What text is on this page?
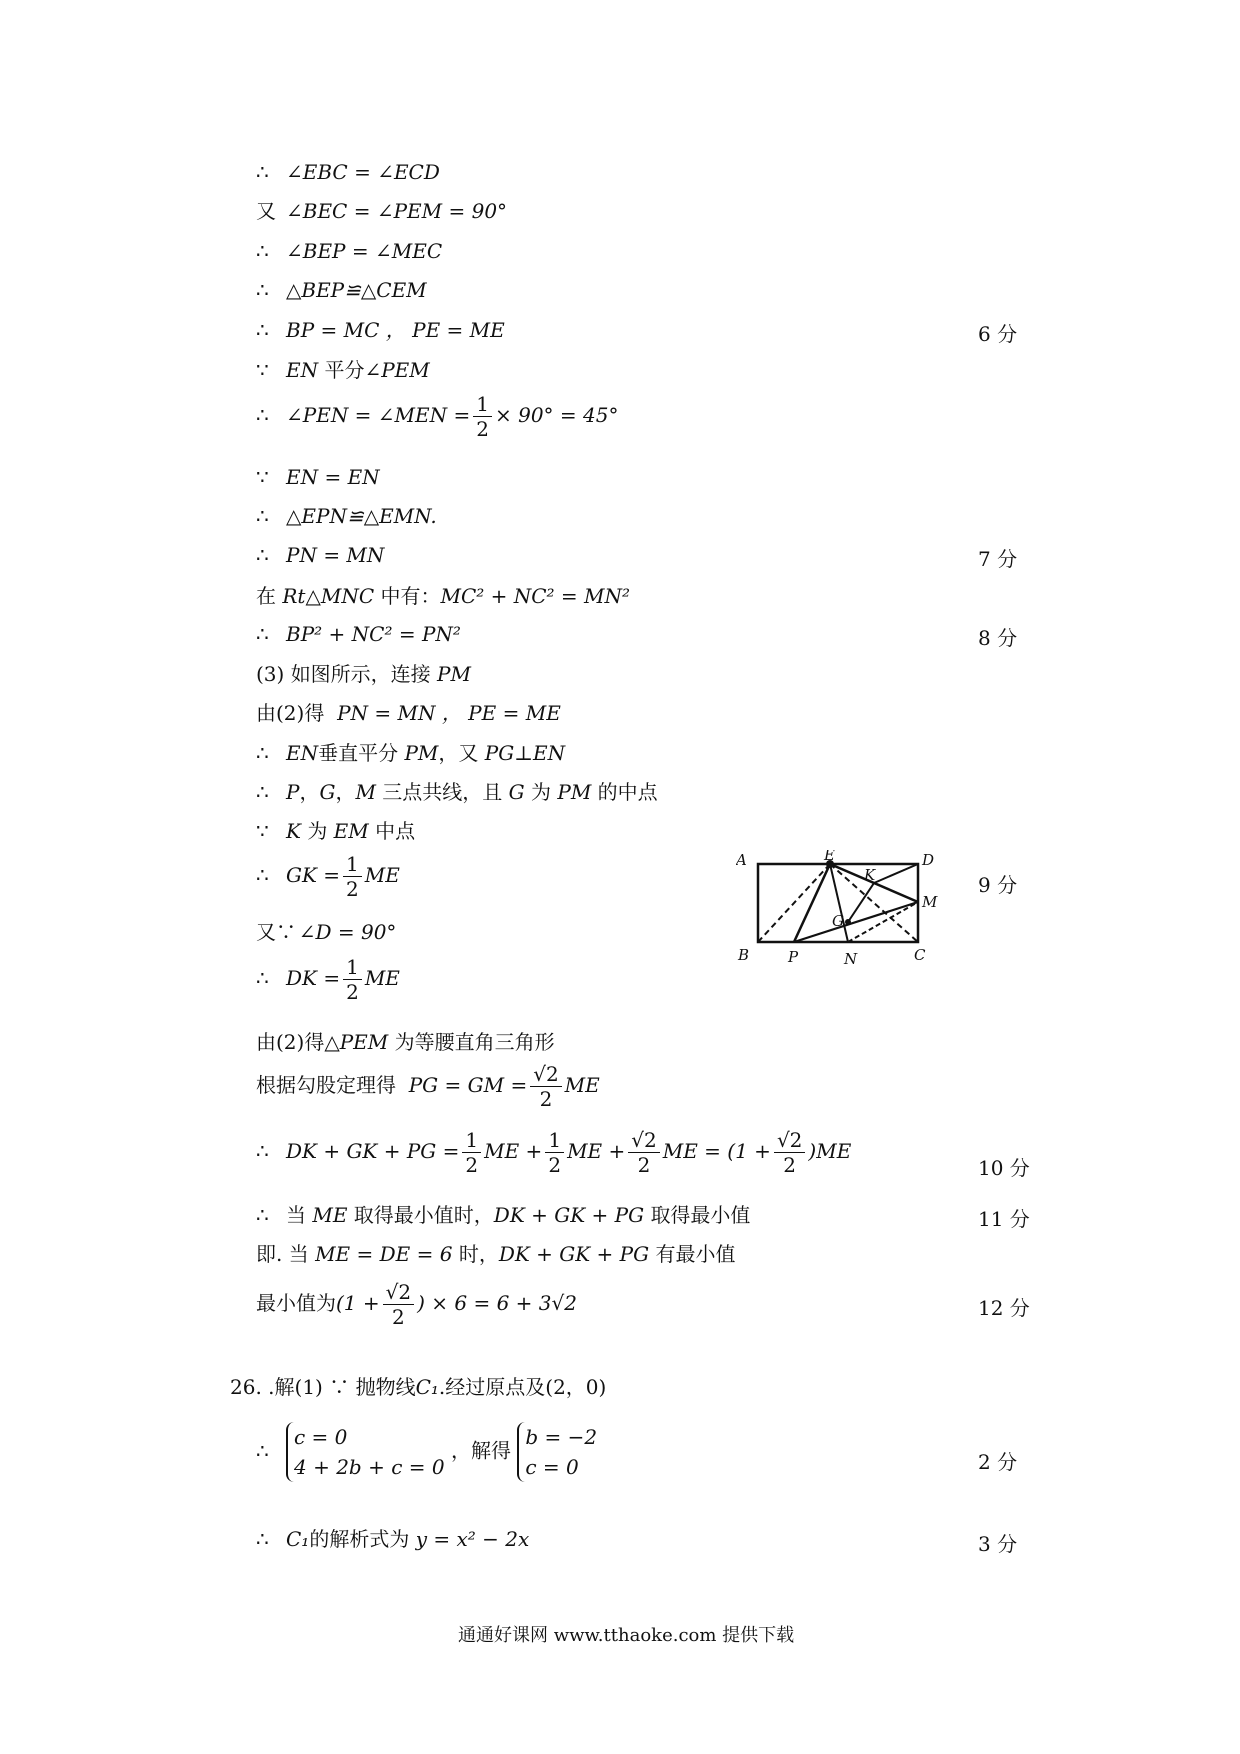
∴ ∠EBC = ∠ECD
又 ∠BEC = ∠PEM = 90°
∴ ∠BEP = ∠MEC
∴ △BEP≌△CEM
∴ BP = MC ， PE = ME	6 分
∵ EN 平分∠PEM
∴ ∠PEN = ∠MEN = $\frac{1}{2} \times 90^\circ = 45^\circ$
∵ EN = EN
∴ △EPN≌△EMN.
∴ PN = MN	7 分
在 Rt△MNC 中有：MC² + NC² = MN²
∴ BP² + NC² = PN²	8 分
(3) 如图所示，连接 PM
由(2)得 PN = MN ， PE = ME
∴ EN垂直平分 PM，又 PG⊥EN
∴ P，G，M 三点共线，且 G 为 PM 的中点
∵ K 为 EM 中点
∴ GK = $\frac{1}{2}$ ME	9 分
又∵ ∠D = 90°
∴ DK = $\frac{1}{2}$ ME
由(2)得△PEM 为等腰直角三角形
根据勾股定理得 PG = GM = $\frac{√2}{2}$ ME
∴ DK + GK + PG = $\frac{1}{2}$ ME + $\frac{1}{2}$ ME + $\frac{√2}{2}$ ME = $(1 + \frac{√2}{2} )ME$
10 分
∴ 当 ME 取得最小值时，DK + GK + PG 取得最小值	11 分
即. 当 ME = DE = 6 时，DK + GK + PG 有最小值
最小值为($1 + \frac{√2}{2}$ ) × 6 = 6 + 3√2	12 分
26. .解(1) ∵ 抛物线C₁.经过原点及(2，0)
∴
c = 0
4 + 2b + c = 0
，解得
b = −2
c = 0	2 分
∴ C₁的解析式为 y = x² − 2x	3 分
A	E	D
K
M
G
B	P	N	C
通通好课网 www.tthaoke.com 提供下载
